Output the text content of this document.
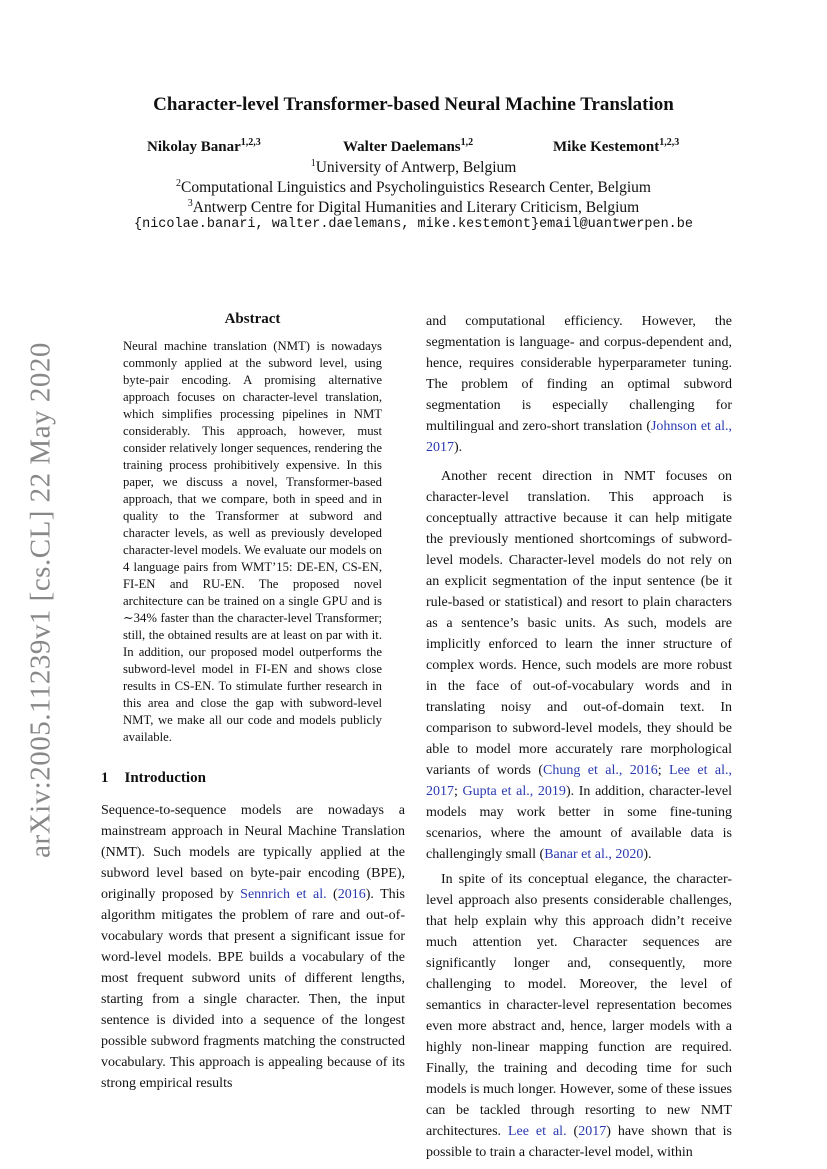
arXiv:2005.11239v1 [cs.CL] 22 May 2020
Character-level Transformer-based Neural Machine Translation
Nikolay Banar$^{1,2,3}$	Walter Daelemans$^{1,2}$	Mike Kestemont$^{1,2,3}$
$^1$University of Antwerp, Belgium
$^2$Computational Linguistics and Psycholinguistics Research Center, Belgium
$^3$Antwerp Centre for Digital Humanities and Literary Criticism, Belgium
{nicolae.banari, walter.daelemans, mike.kestemont}email@uantwerpen.be
Abstract

Neural machine translation (NMT) is nowadays commonly applied at the subword level, using byte-pair encoding. A promising alternative approach focuses on character-level translation, which simplifies processing pipelines in NMT considerably. This approach, however, must consider relatively longer sequences, rendering the training process prohibitively expensive. In this paper, we discuss a novel, Transformer-based approach, that we compare, both in speed and in quality to the Transformer at subword and character levels, as well as previously developed character-level models. We evaluate our models on 4 language pairs from WMT’15: DE-EN, CS-EN, FI-EN and RU-EN. The proposed novel architecture can be trained on a single GPU and is ∼34% faster than the character-level Transformer; still, the obtained results are at least on par with it. In addition, our proposed model outperforms the subword-level model in FI-EN and shows close results in CS-EN. To stimulate further research in this area and close the gap with subword-level NMT, we make all our code and models publicly available.

1 Introduction

Sequence-to-sequence models are nowadays a mainstream approach in Neural Machine Translation (NMT). Such models are typically applied at the subword level based on byte-pair encoding (BPE), originally proposed by Sennrich et al. (2016). This algorithm mitigates the problem of rare and out-of-vocabulary words that present a significant issue for word-level models. BPE builds a vocabulary of the most frequent subword units of different lengths, starting from a single character. Then, the input sentence is divided into a sequence of the longest possible subword fragments matching the constructed vocabulary. This approach is appealing because of its strong empirical results

and computational efficiency. However, the segmentation is language- and corpus-dependent and, hence, requires considerable hyperparameter tuning. The problem of finding an optimal subword segmentation is especially challenging for multilingual and zero-short translation (Johnson et al., 2017).

Another recent direction in NMT focuses on character-level translation. This approach is conceptually attractive because it can help mitigate the previously mentioned shortcomings of subword-level models. Character-level models do not rely on an explicit segmentation of the input sentence (be it rule-based or statistical) and resort to plain characters as a sentence’s basic units. As such, models are implicitly enforced to learn the inner structure of complex words. Hence, such models are more robust in the face of out-of-vocabulary words and in translating noisy and out-of-domain text. In comparison to subword-level models, they should be able to model more accurately rare morphological variants of words (Chung et al., 2016; Lee et al., 2017; Gupta et al., 2019). In addition, character-level models may work better in some fine-tuning scenarios, where the amount of available data is challengingly small (Banar et al., 2020).

In spite of its conceptual elegance, the character-level approach also presents considerable challenges, that help explain why this approach didn’t receive much attention yet. Character sequences are significantly longer and, consequently, more challenging to model. Moreover, the level of semantics in character-level representation becomes even more abstract and, hence, larger models with a highly non-linear mapping function are required. Finally, the training and decoding time for such models is much longer. However, some of these issues can be tackled through resorting to new NMT architectures. Lee et al. (2017) have shown that is possible to train a character-level model, within
